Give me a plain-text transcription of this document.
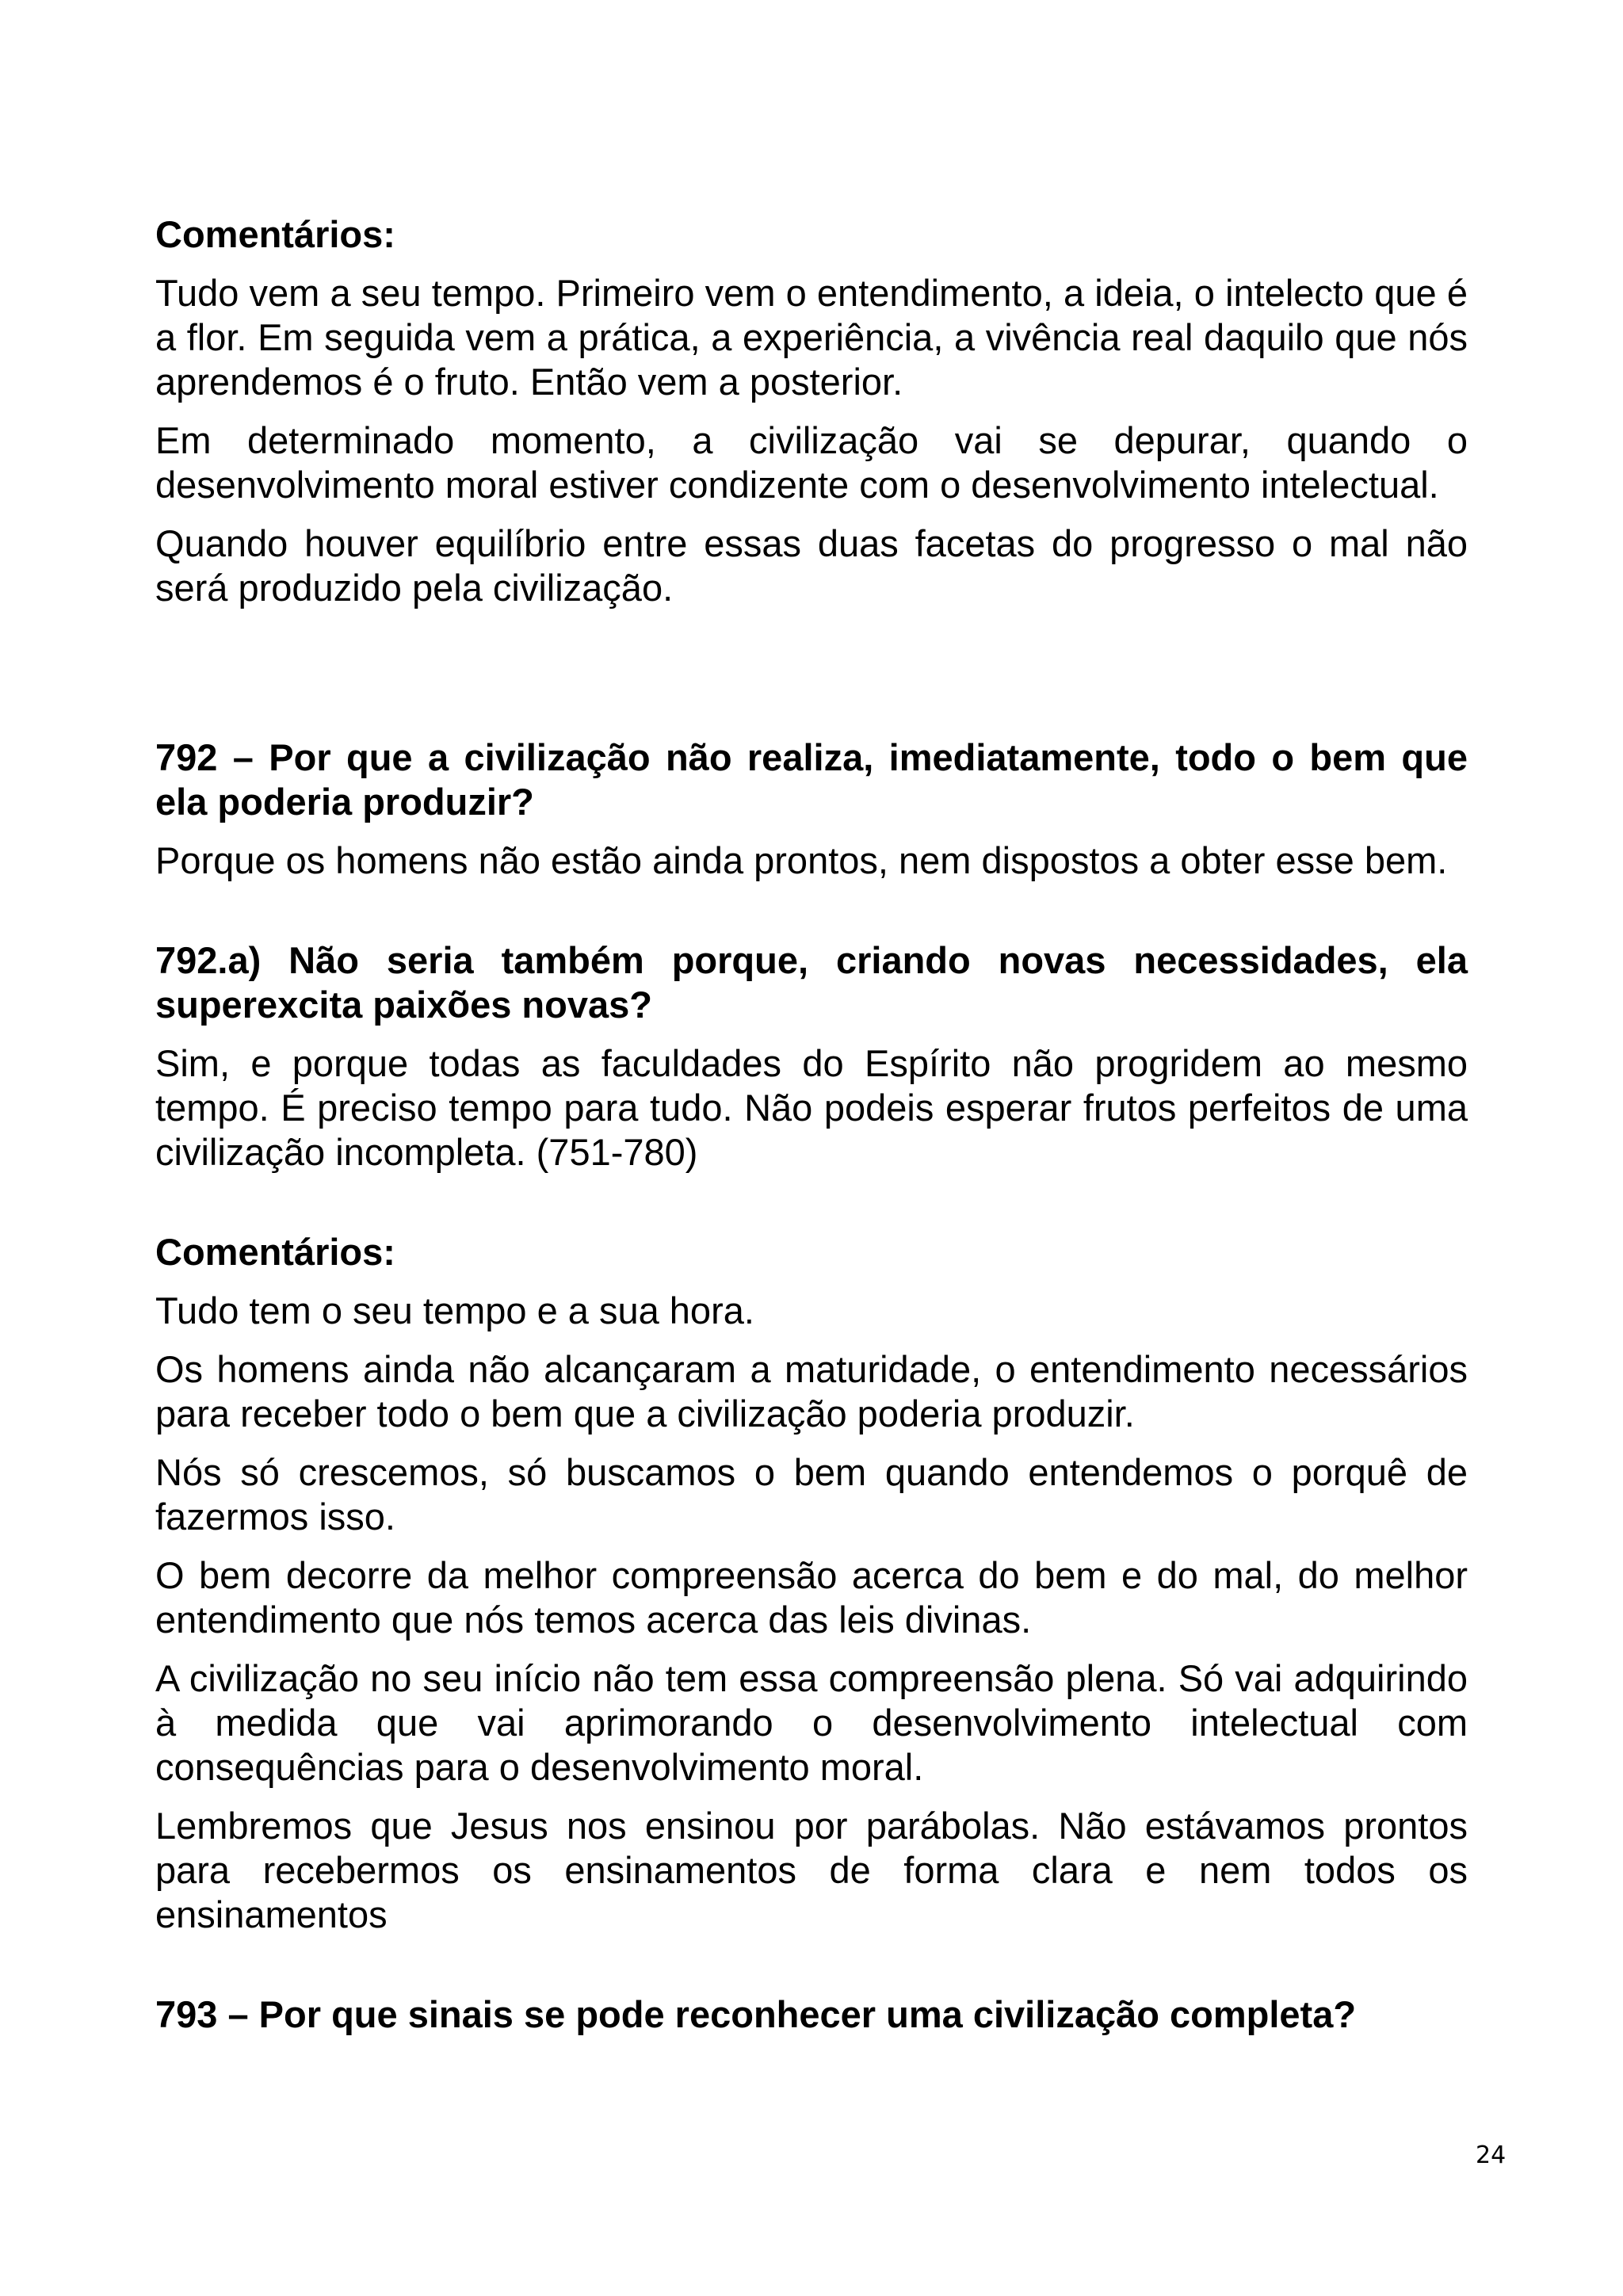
Comentários:

Tudo vem a seu tempo. Primeiro vem o entendimento, a ideia, o intelecto que é a flor. Em seguida vem a prática, a experiência, a vivência real daquilo que nós aprendemos é o fruto. Então vem a posterior.

Em determinado momento, a civilização vai se depurar, quando o desenvolvimento moral estiver condizente com o desenvolvimento intelectual.

Quando houver equilíbrio entre essas duas facetas do progresso o mal não será produzido pela civilização.

792 – Por que a civilização não realiza, imediatamente, todo o bem que ela poderia produzir?

Porque os homens não estão ainda prontos, nem dispostos a obter esse bem.

792.a) Não seria também porque, criando novas necessidades, ela superexcita paixões novas?

Sim, e porque todas as faculdades do Espírito não progridem ao mesmo tempo. É preciso tempo para tudo. Não podeis esperar frutos perfeitos de uma civilização incompleta. (751-780)

Comentários:

Tudo tem o seu tempo e a sua hora.

Os homens ainda não alcançaram a maturidade, o entendimento necessários para receber todo o bem que a civilização poderia produzir.

Nós só crescemos, só buscamos o bem quando entendemos o porquê de fazermos isso.

O bem decorre da melhor compreensão acerca do bem e do mal, do melhor entendimento que nós temos acerca das leis divinas.

A civilização no seu início não tem essa compreensão plena. Só vai adquirindo à medida que vai aprimorando o desenvolvimento intelectual com consequências para o desenvolvimento moral.

Lembremos que Jesus nos ensinou por parábolas. Não estávamos prontos para recebermos os ensinamentos de forma clara e nem todos os ensinamentos

793 – Por que sinais se pode reconhecer uma civilização completa?

24
